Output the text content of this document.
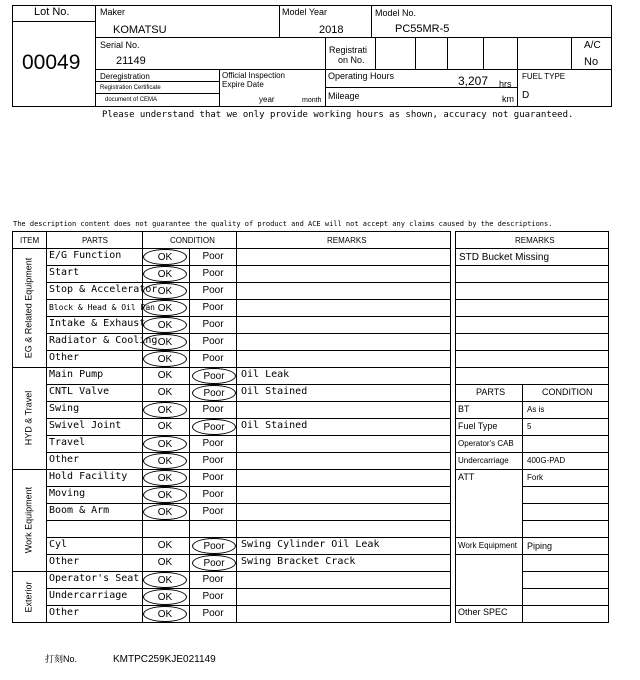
Lot No.
00049
Maker
KOMATSU
Model Year
2018
Model No.
PC55MR-5
Serial No.
21149
Registrati
on No.
A/C
No
Deregistration
Registration Certificate
document of CEMA
Official Inspection
Expire Date
year	month
Operating Hours	3,207 hrs
Mileage	km
FUEL TYPE
D
Please understand that we only provide working hours as shown, accuracy not guaranteed.
The description content does not guarantee the quality of product and ACE will not accept any claims caused by the descriptions.
ITEM	PARTS	CONDITION	REMARKS
EG & Related Equipment
HYD & Travel
Work Equipment
Exterior
E/G Function	OK	Poor
Start	OK	Poor
Stop & Accelerator OK	Poor
Block & Head & Oil Pan OK	Poor
Intake & Exhaust	OK	Poor
Radiator & Cooling OK	Poor
Other	OK	Poor
Main Pump	OK	Poor	Oil Leak
CNTL Valve	OK	Poor	Oil Stained
Swing	OK	Poor
Swivel Joint	OK	Poor	Oil Stained
Travel	OK	Poor
Other	OK	Poor
Hold Facility	OK	Poor
Moving	OK	Poor
Boom & Arm	OK	Poor
Cyl	OK	Poor	Swing Cylinder Oil Leak
Other	OK	Poor	Swing Bracket Crack
Operator's Seat	OK	Poor
Undercarriage	OK	Poor
Other	OK	Poor
REMARKS
STD Bucket Missing
PARTS	CONDITION
BT	As is
Fuel Type	5
Operator's CAB
Undercarriage 400G-PAD
ATT	Fork
Work Equipment Piping
Other SPEC
打刻No.	KMTPC259KJE021149
